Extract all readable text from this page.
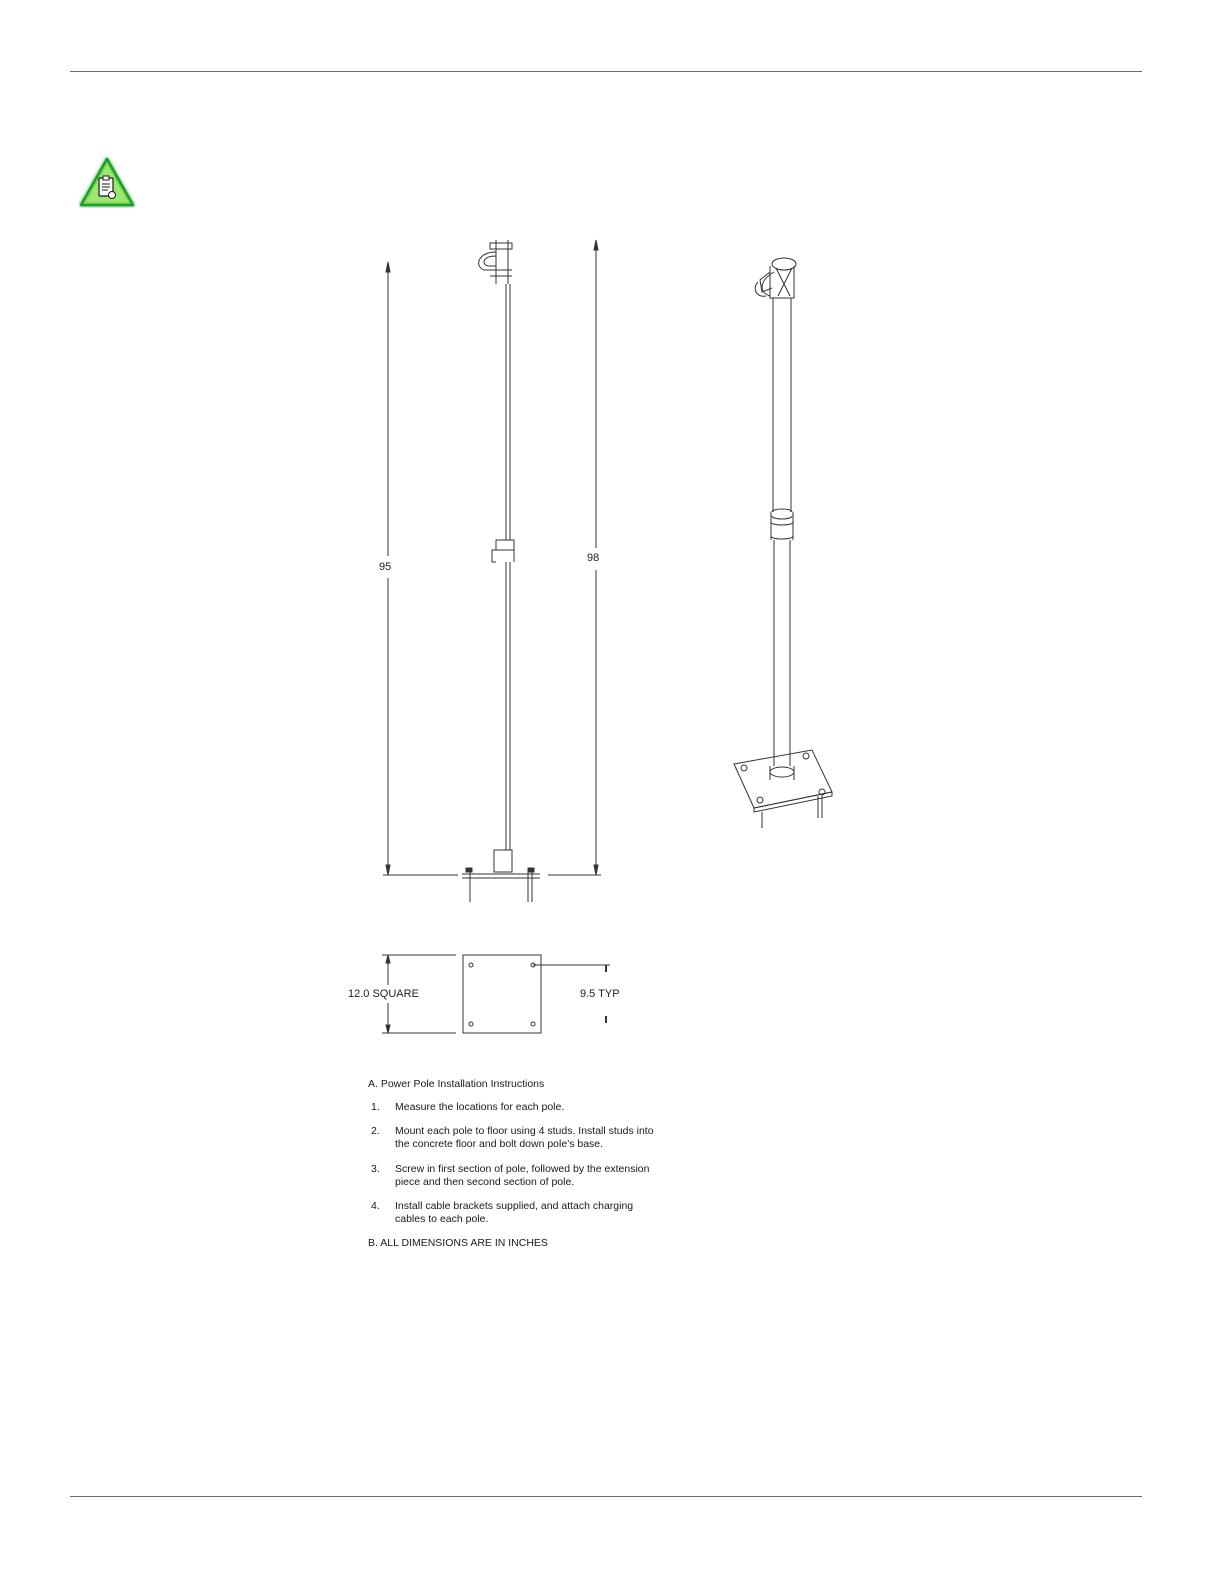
95
98
12.0 SQUARE	9.5 TYP
A. Power Pole Installation Instructions
1. Measure the locations for each pole.
2. Mount each pole to floor using 4 studs. Install studs into the concrete floor and bolt down pole's base.
3. Screw in first section of pole, followed by the extension piece and then second section of pole.
4. Install cable brackets supplied, and attach charging cables to each pole.
B. ALL DIMENSIONS ARE IN INCHES
